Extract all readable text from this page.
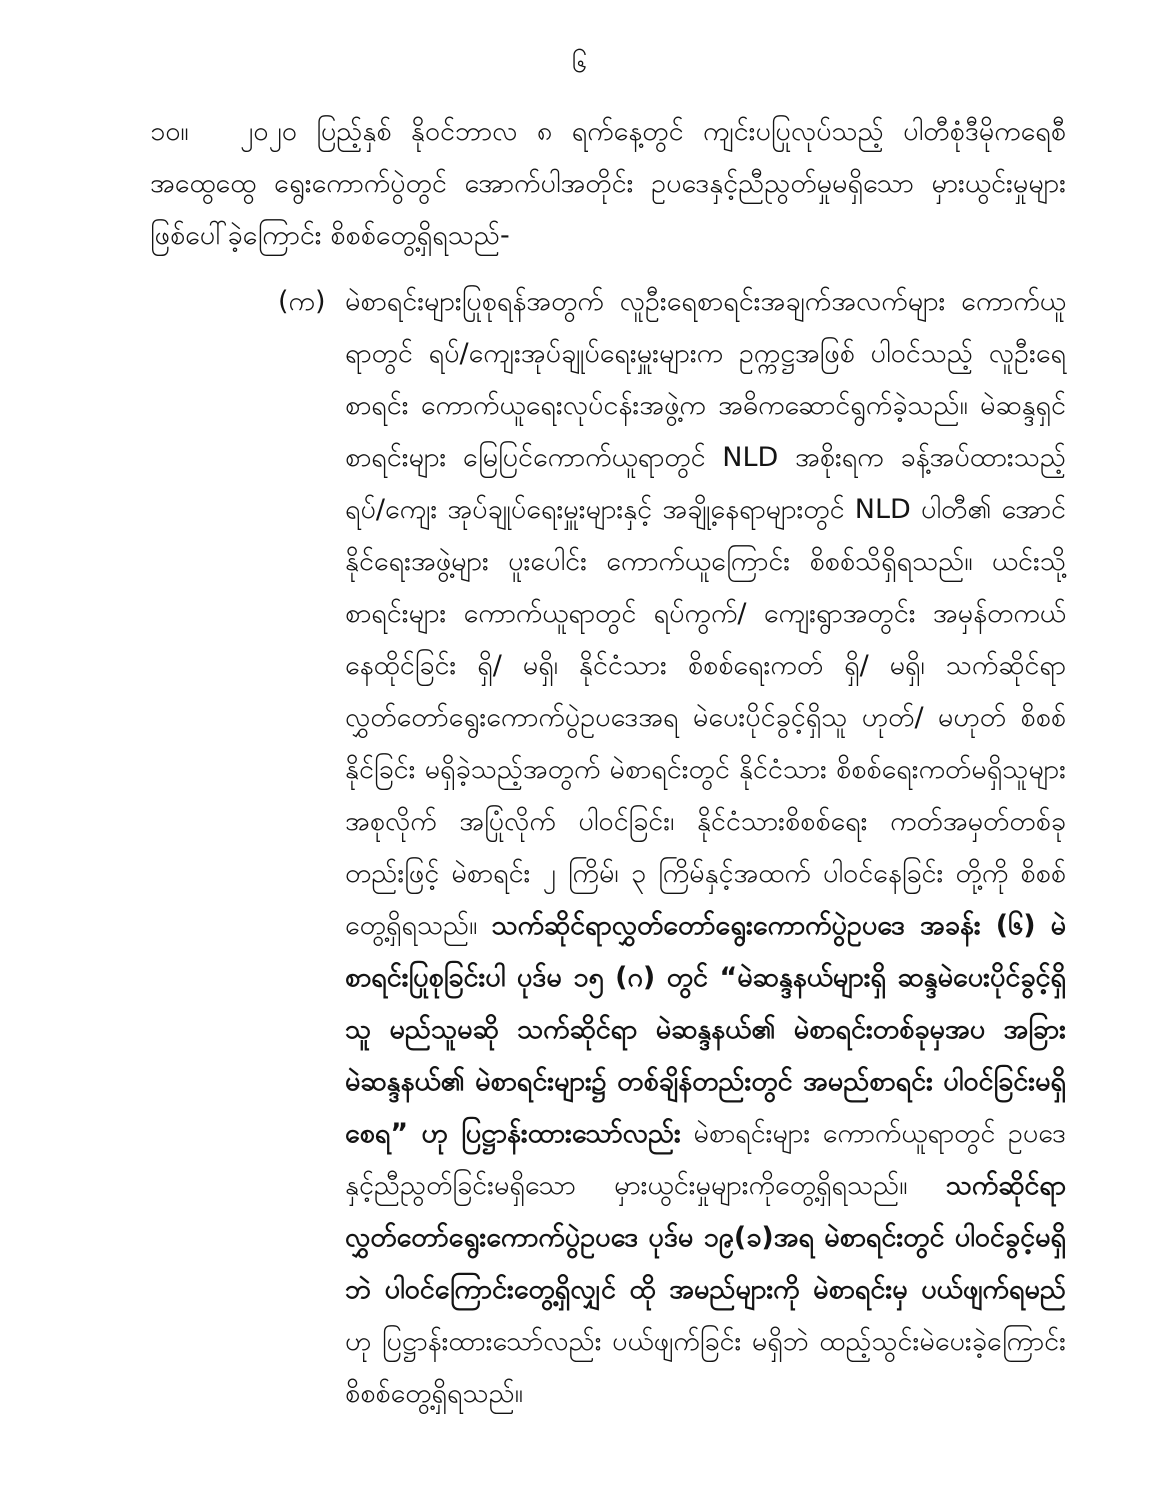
၆

၁၀။ ၂၀၂၀ ပြည့်နှစ် နိုဝင်ဘာလ ၈ ရက်နေ့တွင် ကျင်းပပြုလုပ်သည့် ပါတီစုံဒီမိုကရေစီအထွေထွေ ရွေးကောက်ပွဲတွင် အောက်ပါအတိုင်း ဥပဒေနှင့်ညီညွတ်မှုမရှိသော မှားယွင်းမှုများ ဖြစ်ပေါ်ခဲ့ကြောင်း စိစစ်တွေ့ရှိရသည်-

(က) မဲစာရင်းများပြုစုရန်အတွက် လူဦးရေစာရင်းအချက်အလက်များ ကောက်ယူရာတွင် ရပ်/ကျေးအုပ်ချုပ်ရေးမှူးများက ဥက္ကဋ္ဌအဖြစ် ပါဝင်သည့် လူဦးရေစာရင်း ကောက်ယူရေးလုပ်ငန်းအဖွဲ့က အဓိကဆောင်ရွက်ခဲ့သည်။ မဲဆန္ဒရှင်စာရင်းများ မြေပြင်ကောက်ယူရာတွင် NLD အစိုးရက ခန့်အပ်ထားသည့် ရပ်/ကျေး အုပ်ချုပ်ရေးမှူးများနှင့် အချို့နေရာများတွင် NLD ပါတီ၏ အောင်နိုင်ရေးအဖွဲ့များ ပူးပေါင်း ကောက်ယူကြောင်း စိစစ်သိရှိရသည်။ ယင်းသို့ စာရင်းများ ကောက်ယူရာတွင် ရပ်ကွက်/ ကျေးရွာအတွင်း အမှန်တကယ်နေထိုင်ခြင်း ရှိ/ မရှိ၊ နိုင်ငံသား စိစစ်ရေးကတ် ရှိ/ မရှိ၊ သက်ဆိုင်ရာ လွှတ်တော်ရွေးကောက်ပွဲဥပဒေအရ မဲပေးပိုင်ခွင့်ရှိသူ ဟုတ်/ မဟုတ် စိစစ်နိုင်ခြင်း မရှိခဲ့သည့်အတွက် မဲစာရင်းတွင် နိုင်ငံသား စိစစ်ရေးကတ်မရှိသူများ အစုလိုက် အပြုံလိုက် ပါဝင်ခြင်း၊ နိုင်ငံသားစိစစ်ရေး ကတ်အမှတ်တစ်ခုတည်းဖြင့် မဲစာရင်း ၂ ကြိမ်၊ ၃ ကြိမ်နှင့်အထက် ပါဝင်နေခြင်း တို့ကို စိစစ်တွေ့ရှိရသည်။ သက်ဆိုင်ရာလွှတ်တော်ရွေးကောက်ပွဲဥပဒေ အခန်း (၆) မဲစာရင်းပြုစုခြင်းပါ ပုဒ်မ ၁၅ (ဂ) တွင် “မဲဆန္ဒနယ်များရှိ ဆန္ဒမဲပေးပိုင်ခွင့်ရှိသူ မည်သူမဆို သက်ဆိုင်ရာ မဲဆန္ဒနယ်၏ မဲစာရင်းတစ်ခုမှအပ အခြားမဲဆန္ဒနယ်၏ မဲစာရင်းများ၌ တစ်ချိန်တည်းတွင် အမည်စာရင်း ပါဝင်ခြင်းမရှိစေရ” ဟု ပြဋ္ဌာန်းထားသော်လည်း မဲစာရင်းများ ကောက်ယူရာတွင် ဥပဒေနှင့်ညီညွတ်ခြင်းမရှိသော မှားယွင်းမှုများကိုတွေ့ရှိရသည်။ သက်ဆိုင်ရာ လွှတ်တော်ရွေးကောက်ပွဲဥပဒေ ပုဒ်မ ၁၉(ခ)အရ မဲစာရင်းတွင် ပါဝင်ခွင့်မရှိဘဲ ပါဝင်ကြောင်းတွေ့ရှိလျှင် ထို အမည်များကို မဲစာရင်းမှ ပယ်ဖျက်ရမည် ဟု ပြဋ္ဌာန်းထားသော်လည်း ပယ်ဖျက်ခြင်း မရှိဘဲ ထည့်သွင်းမဲပေးခဲ့ကြောင်း စိစစ်တွေ့ရှိရသည်။
